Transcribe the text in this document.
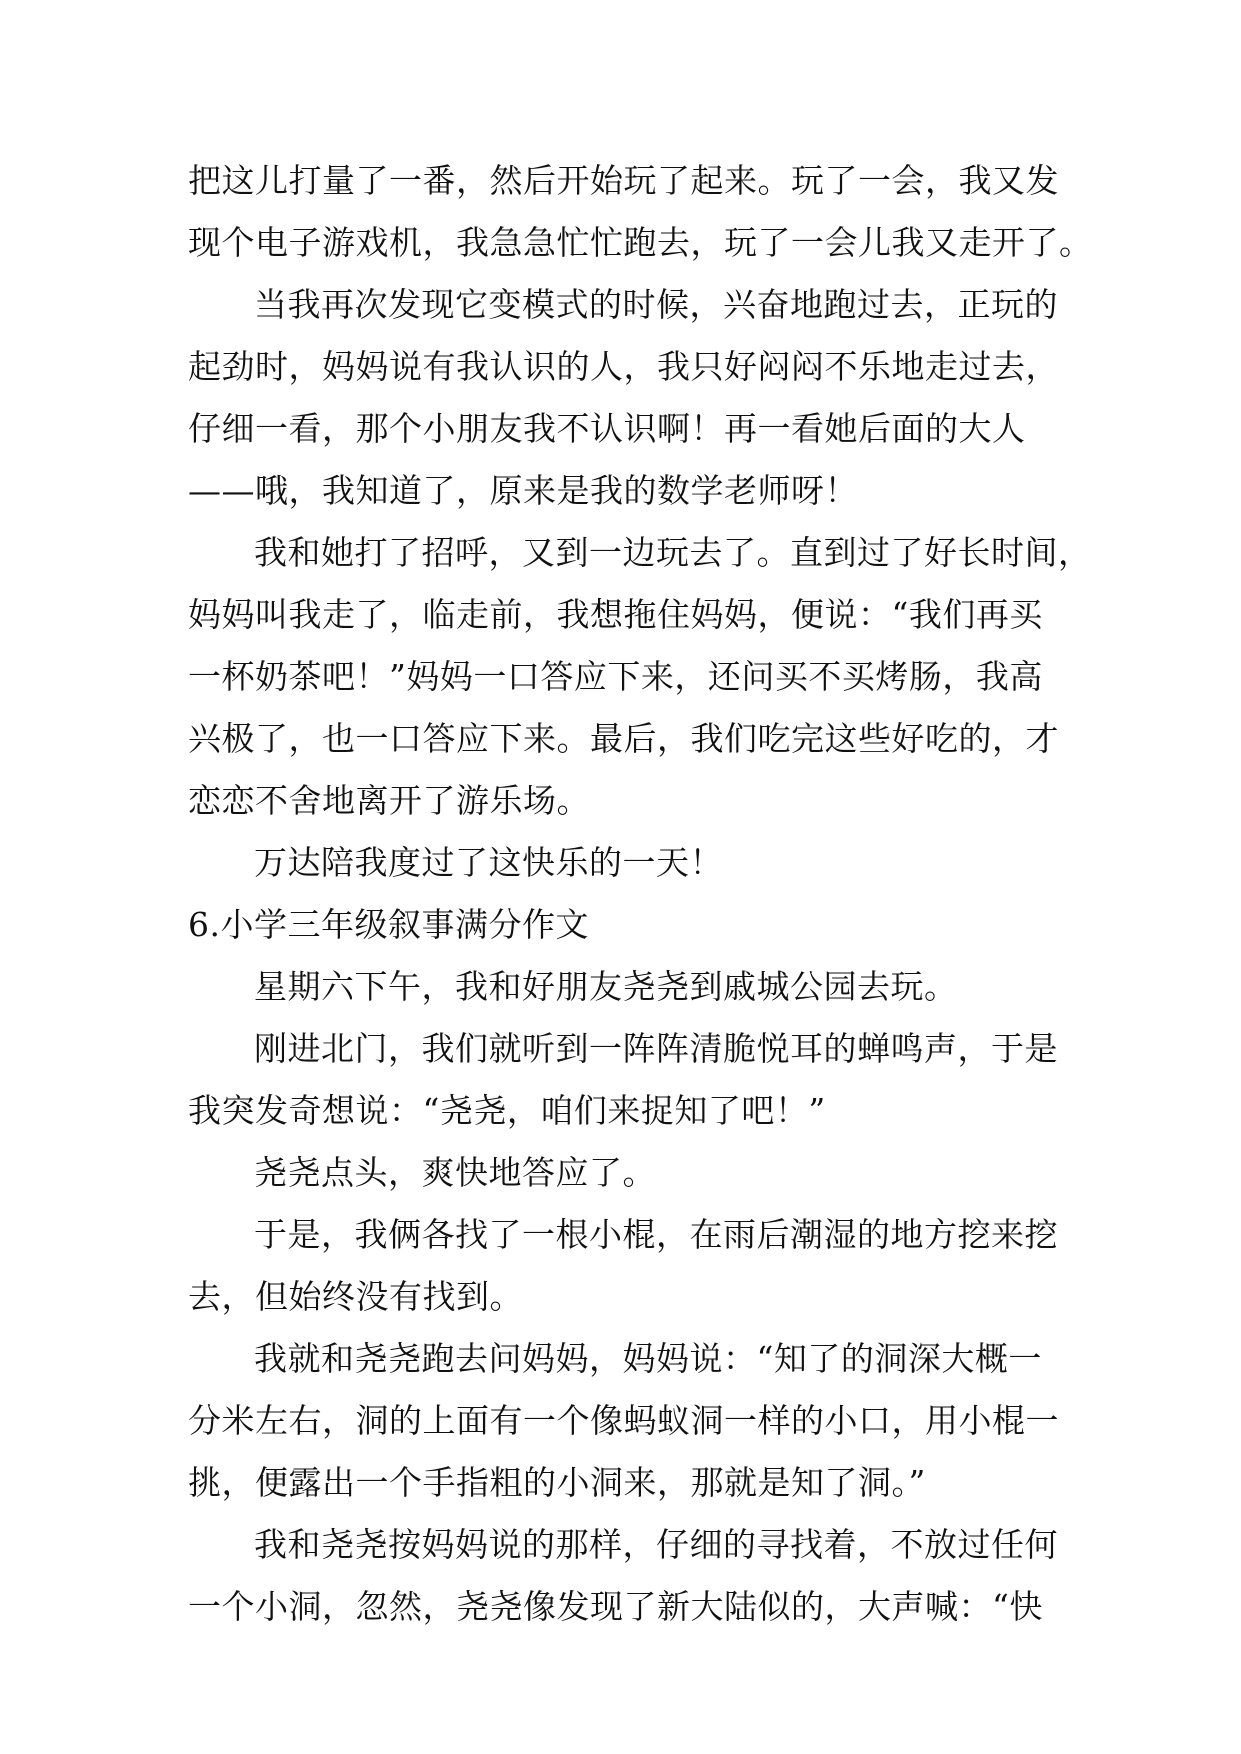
把这儿打量了一番，然后开始玩了起来。玩了一会，我又发
现个电子游戏机，我急急忙忙跑去，玩了一会儿我又走开了。
当我再次发现它变模式的时候，兴奋地跑过去，正玩的
起劲时，妈妈说有我认识的人，我只好闷闷不乐地走过去，
仔细一看，那个小朋友我不认识啊！再一看她后面的大人
——哦，我知道了，原来是我的数学老师呀！
我和她打了招呼，又到一边玩去了。直到过了好长时间，
妈妈叫我走了，临走前，我想拖住妈妈，便说：“我们再买
一杯奶茶吧！”妈妈一口答应下来，还问买不买烤肠，我高
兴极了，也一口答应下来。最后，我们吃完这些好吃的，才
恋恋不舍地离开了游乐场。
万达陪我度过了这快乐的一天！
6.小学三年级叙事满分作文
星期六下午，我和好朋友尧尧到戚城公园去玩。
刚进北门，我们就听到一阵阵清脆悦耳的蝉鸣声，于是
我突发奇想说：“尧尧，咱们来捉知了吧！”
尧尧点头，爽快地答应了。
于是，我俩各找了一根小棍，在雨后潮湿的地方挖来挖
去，但始终没有找到。
我就和尧尧跑去问妈妈，妈妈说：“知了的洞深大概一
分米左右，洞的上面有一个像蚂蚁洞一样的小口，用小棍一
挑，便露出一个手指粗的小洞来，那就是知了洞。”
我和尧尧按妈妈说的那样，仔细的寻找着，不放过任何
一个小洞，忽然，尧尧像发现了新大陆似的，大声喊：“快
